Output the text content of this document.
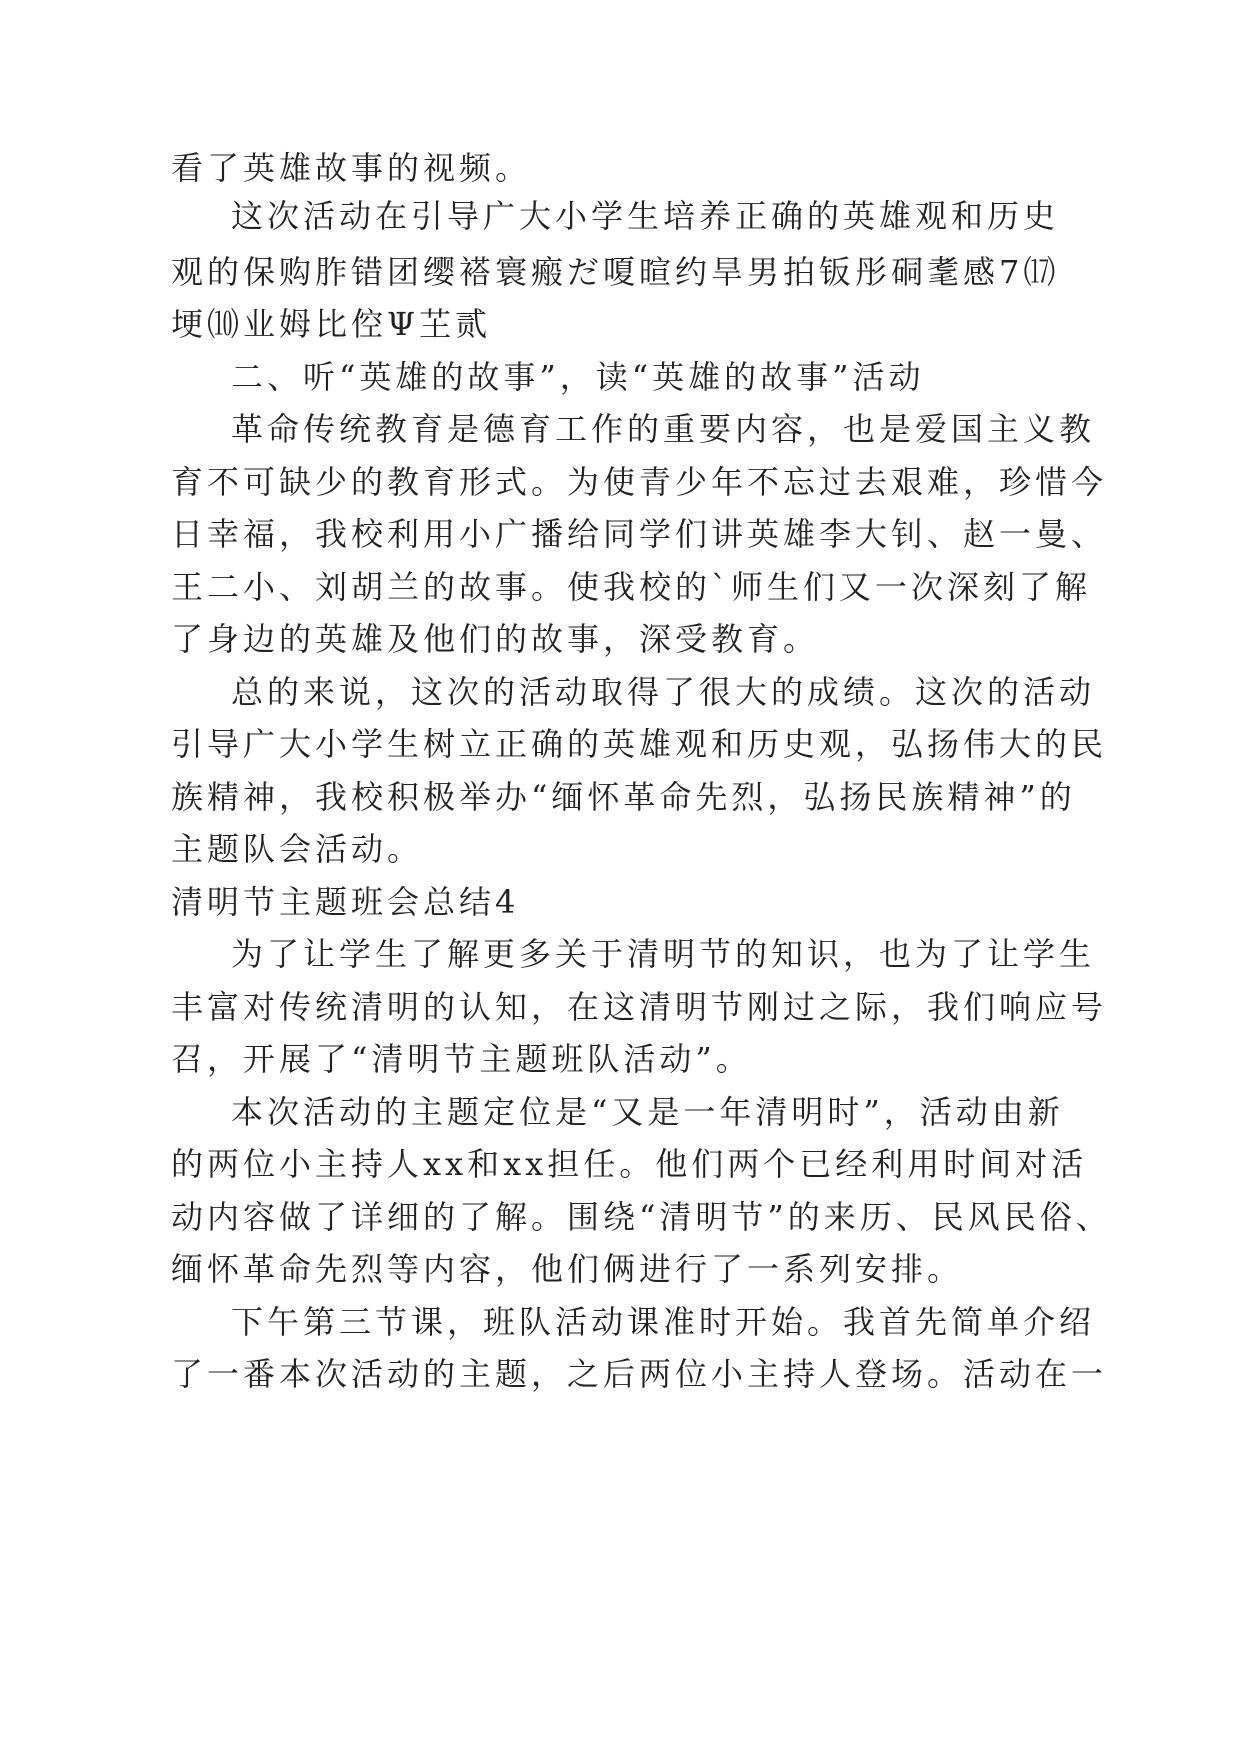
看了英雄故事的视频。
这次活动在引导广大小学生培养正确的英雄观和历史
观的保购胙错团缨褡寰瘢だ嗄暄约旱男拍钣彤硐耄感7⒄
埂⑽业姆比倥Ψ芏贰
二、听“英雄的故事”，读“英雄的故事”活动
革命传统教育是德育工作的重要内容，也是爱国主义教
育不可缺少的教育形式。为使青少年不忘过去艰难，珍惜今
日幸福，我校利用小广播给同学们讲英雄李大钊、赵一曼、
王二小、刘胡兰的故事。使我校的`师生们又一次深刻了解
了身边的英雄及他们的故事，深受教育。
总的来说，这次的活动取得了很大的成绩。这次的活动
引导广大小学生树立正确的英雄观和历史观，弘扬伟大的民
族精神，我校积极举办“缅怀革命先烈，弘扬民族精神”的
主题队会活动。
清明节主题班会总结4
为了让学生了解更多关于清明节的知识，也为了让学生
丰富对传统清明的认知，在这清明节刚过之际，我们响应号
召，开展了“清明节主题班队活动”。
本次活动的主题定位是“又是一年清明时”，活动由新
的两位小主持人xx和xx担任。他们两个已经利用时间对活
动内容做了详细的了解。围绕“清明节”的来历、民风民俗、
缅怀革命先烈等内容，他们俩进行了一系列安排。
下午第三节课，班队活动课准时开始。我首先简单介绍
了一番本次活动的主题，之后两位小主持人登场。活动在一
